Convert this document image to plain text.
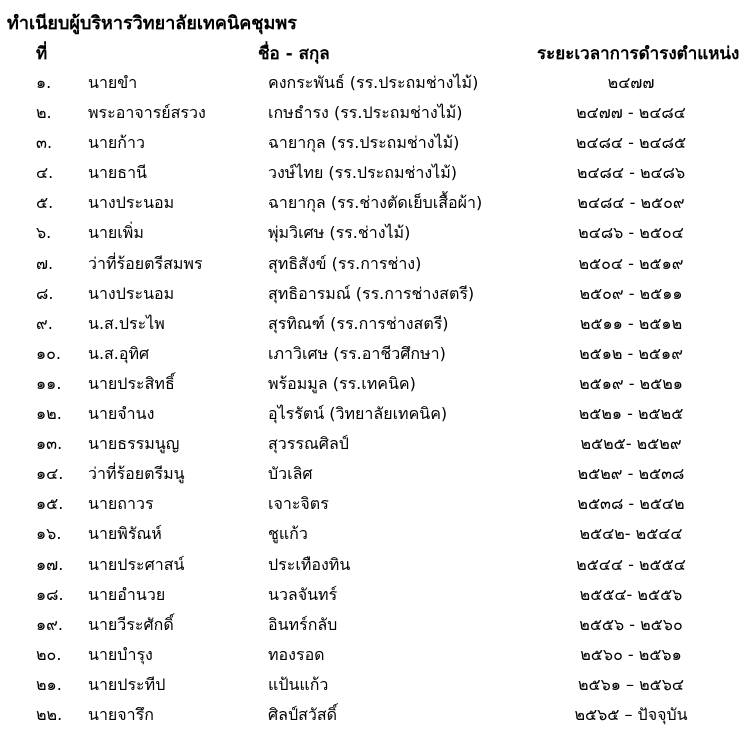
ทำเนียบผู้บริหารวิทยาลัยเทคนิคชุมพร
ที่	ชื่อ - สกุล	ระยะเวลาการดำรงตำแหน่ง
๑. นายขำ	คงกระพันธ์ (รร.ประถมช่างไม้)	๒๔๗๗
๒. พระอาจารย์สรวง	เกษธำรง (รร.ประถมช่างไม้)	๒๔๗๗ - ๒๔๘๔
๓. นายก้าว	ฉายากุล (รร.ประถมช่างไม้)	๒๔๘๔ - ๒๔๘๕
๔. นายธานี	วงษ์ไทย (รร.ประถมช่างไม้)	๒๔๘๔ - ๒๔๘๖
๕. นางประนอม	ฉายากุล (รร.ช่างตัดเย็บเสื้อผ้า)	๒๔๘๔ - ๒๕๐๙
๖. นายเพิ่ม	พุ่มวิเศษ (รร.ช่างไม้)	๒๔๘๖ - ๒๕๐๔
๗. ว่าที่ร้อยตรีสมพร	สุทธิสังข์ (รร.การช่าง)	๒๕๐๔ - ๒๕๑๙
๘. นางประนอม	สุทธิอารมณ์ (รร.การช่างสตรี)	๒๕๐๙ - ๒๕๑๑
๙. น.ส.ประไพ	สุรทิณฑ์ (รร.การช่างสตรี)	๒๕๑๑ - ๒๕๑๒
๑๐. น.ส.อุทิศ	เภาวิเศษ (รร.อาชีวศึกษา)	๒๕๑๒ - ๒๕๑๙
๑๑. นายประสิทธิ์	พร้อมมูล (รร.เทคนิค)	๒๕๑๙ - ๒๕๒๑
๑๒. นายจำนง	อุไรรัตน์ (วิทยาลัยเทคนิค)	๒๕๒๑ - ๒๕๒๕
๑๓. นายธรรมนูญ	สุวรรณศิลป์	๒๕๒๕- ๒๕๒๙
๑๔. ว่าที่ร้อยตรีมนู	บัวเลิศ	๒๕๒๙ - ๒๕๓๘
๑๕. นายถาวร	เจาะจิตร	๒๕๓๘ - ๒๕๔๒
๑๖. นายพิรัณห์	ชูแก้ว	๒๕๔๒- ๒๕๔๔
๑๗. นายประศาสน์	ประเทืองทิน	๒๕๔๔ - ๒๕๕๔
๑๘. นายอำนวย	นวลจันทร์	๒๕๕๔- ๒๕๕๖
๑๙. นายวีระศักดิ์	อินทร์กลับ	๒๕๕๖ - ๒๕๖๐
๒๐. นายบำรุง	ทองรอด	๒๕๖๐ - ๒๕๖๑
๒๑. นายประทีป	แป้นแก้ว	๒๕๖๑ – ๒๕๖๔
๒๒. นายจารึก	ศิลป์สวัสดิ์	๒๕๖๕ – ปัจจุบัน
